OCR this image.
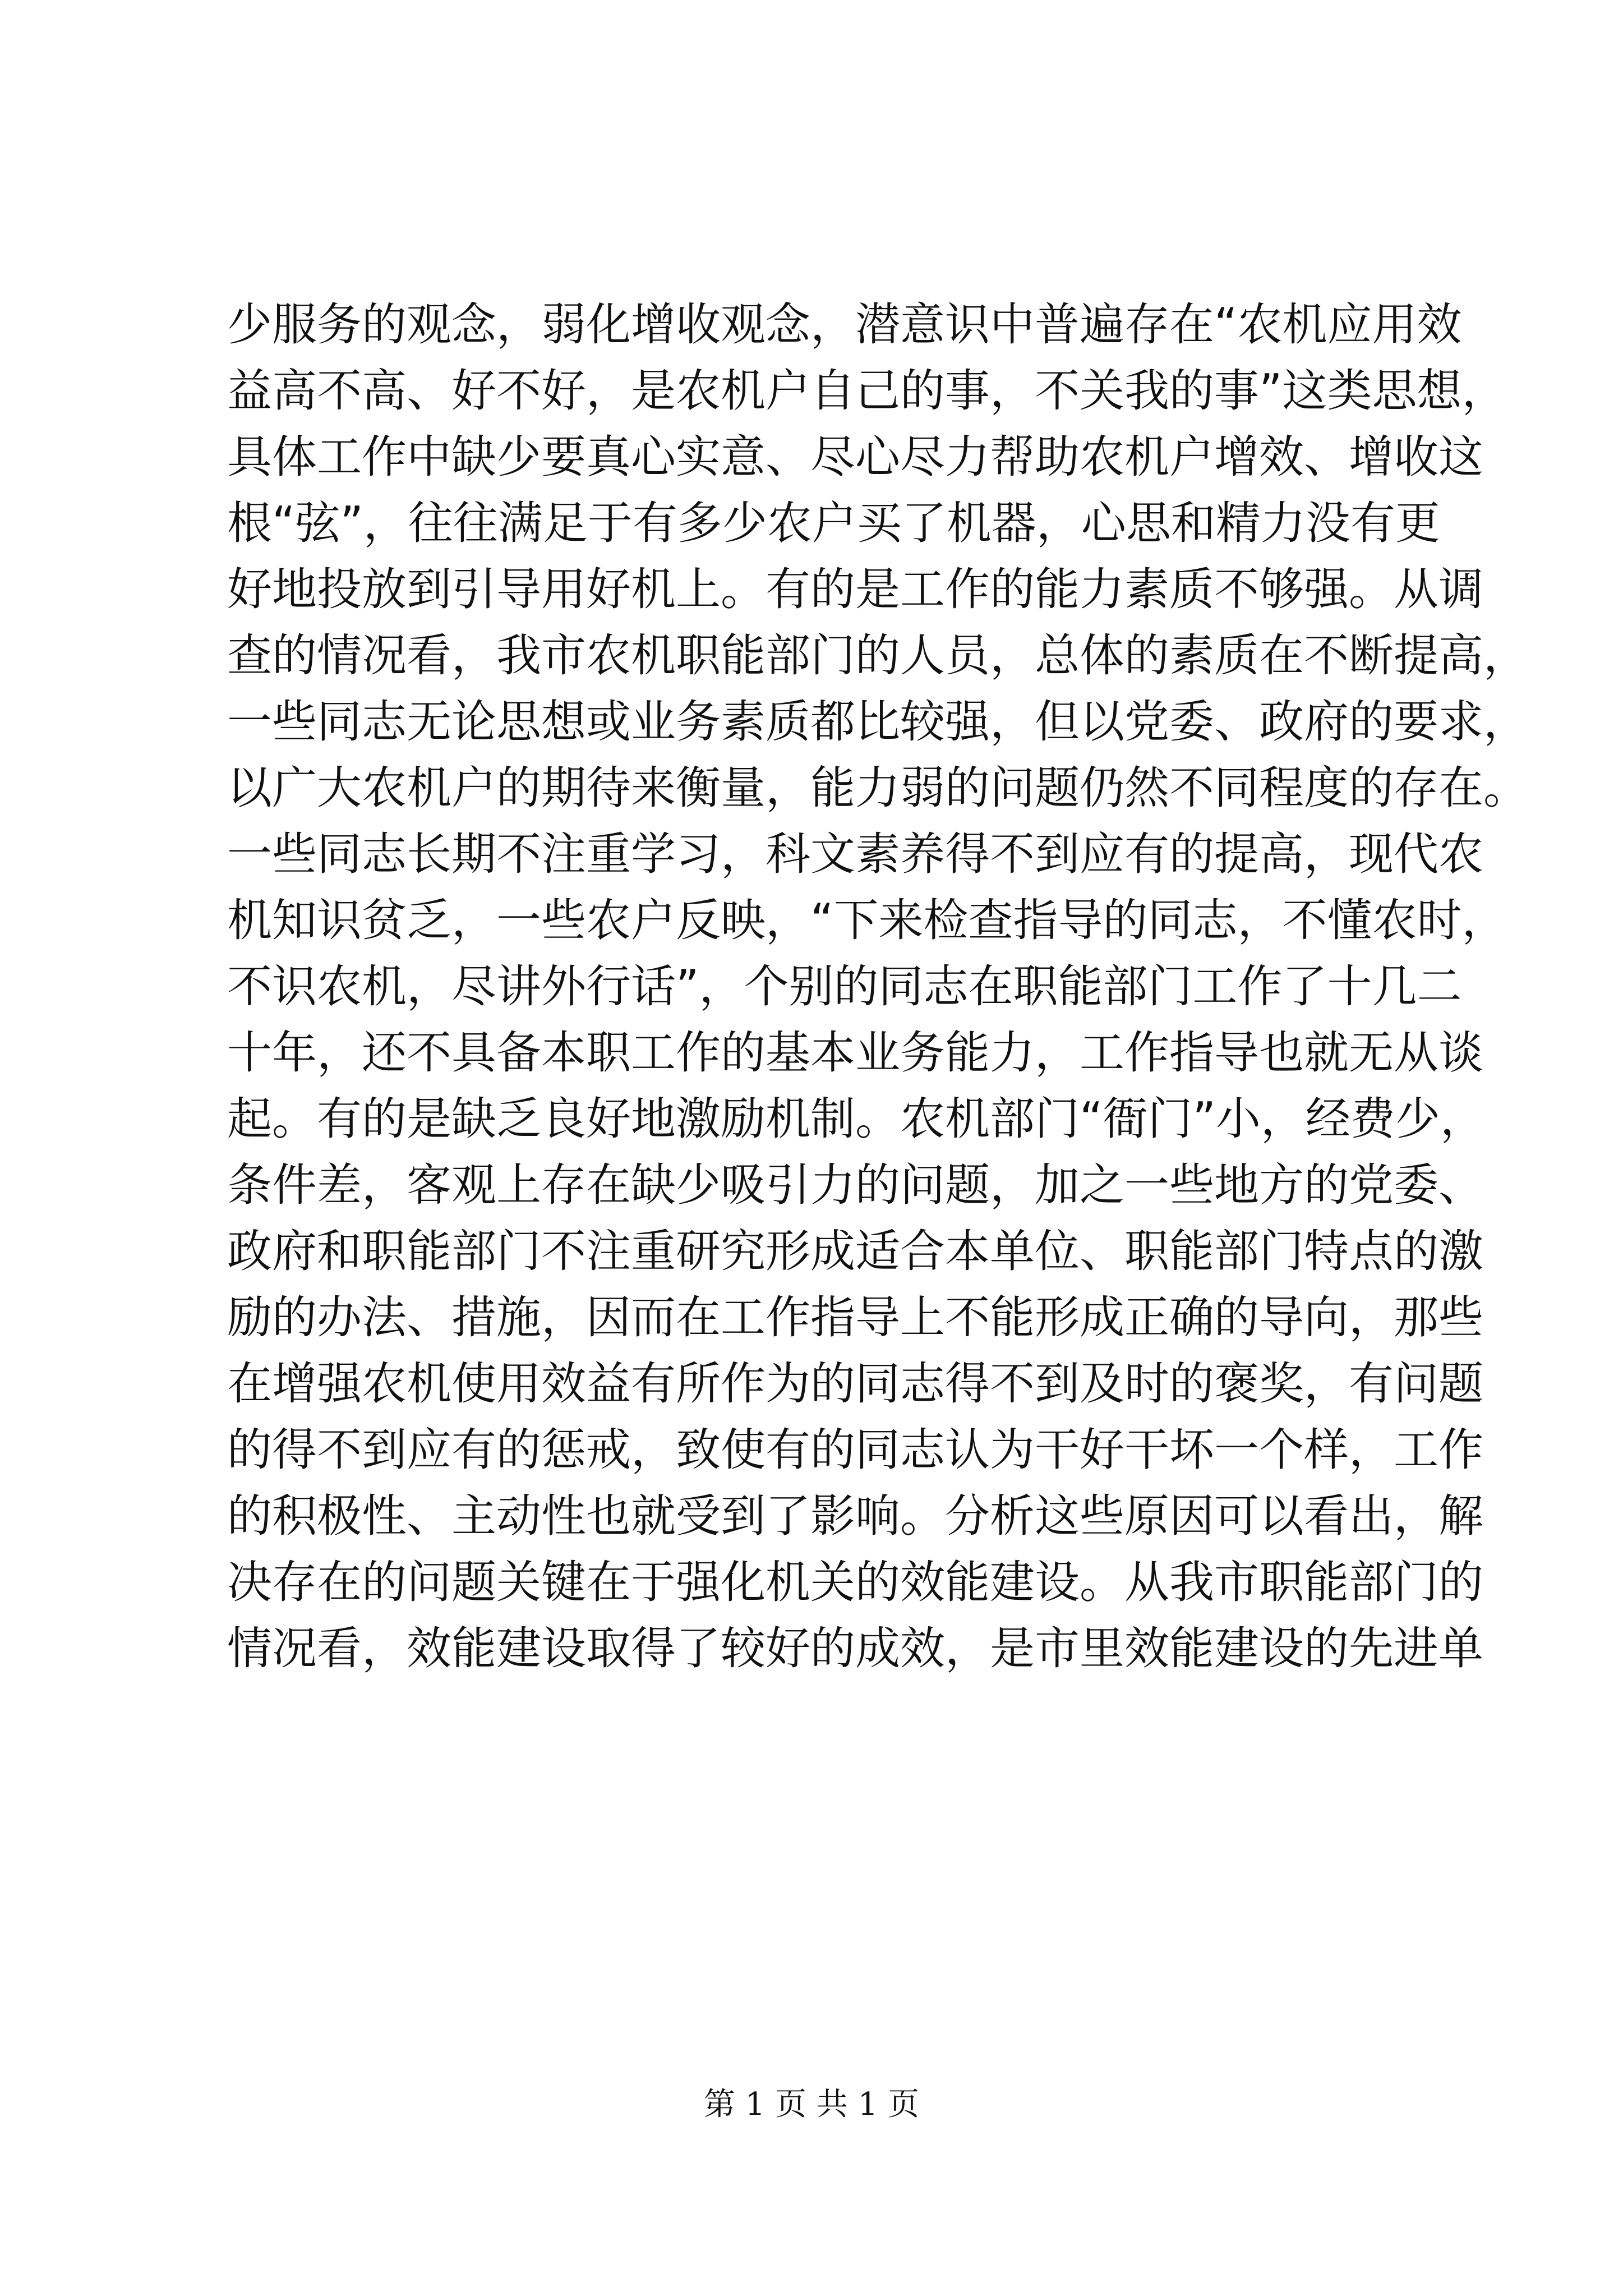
少服务的观念，弱化增收观念，潜意识中普遍存在“农机应用效
益高不高、好不好，是农机户自己的事，不关我的事”这类思想，
具体工作中缺少要真心实意、尽心尽力帮助农机户增效、增收这
根“弦”，往往满足于有多少农户买了机器，心思和精力没有更
好地投放到引导用好机上。有的是工作的能力素质不够强。从调
查的情况看，我市农机职能部门的人员，总体的素质在不断提高，
一些同志无论思想或业务素质都比较强，但以党委、政府的要求，
以广大农机户的期待来衡量，能力弱的问题仍然不同程度的存在。
一些同志长期不注重学习，科文素养得不到应有的提高，现代农
机知识贫乏，一些农户反映，“下来检查指导的同志，不懂农时，
不识农机，尽讲外行话”，个别的同志在职能部门工作了十几二
十年，还不具备本职工作的基本业务能力，工作指导也就无从谈
起。有的是缺乏良好地激励机制。农机部门“衙门”小，经费少，
条件差，客观上存在缺少吸引力的问题，加之一些地方的党委、
政府和职能部门不注重研究形成适合本单位、职能部门特点的激
励的办法、措施，因而在工作指导上不能形成正确的导向，那些
在增强农机使用效益有所作为的同志得不到及时的褒奖，有问题
的得不到应有的惩戒，致使有的同志认为干好干坏一个样，工作
的积极性、主动性也就受到了影响。分析这些原因可以看出，解
决存在的问题关键在于强化机关的效能建设。从我市职能部门的
情况看，效能建设取得了较好的成效，是市里效能建设的先进单
第 1 页 共 1 页
